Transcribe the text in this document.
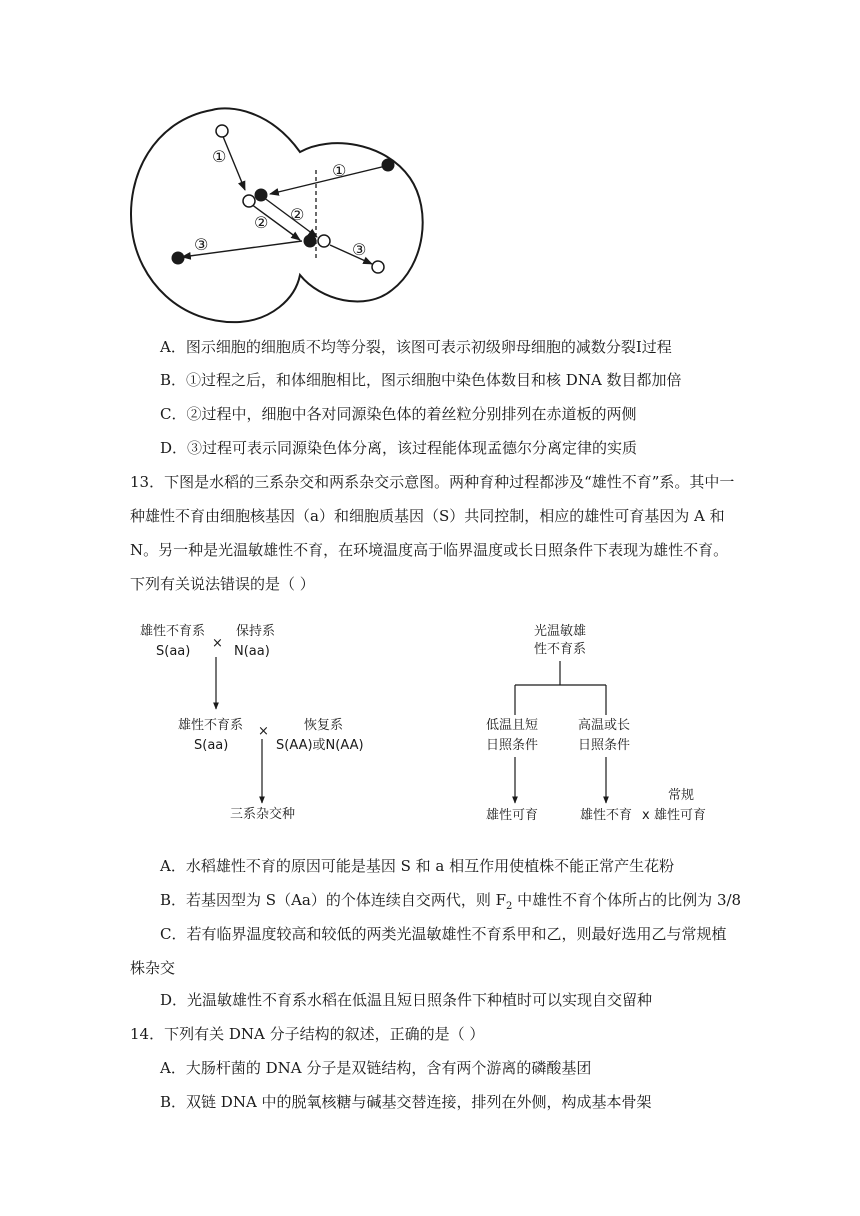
①
①
② ②
③	③
A．图示细胞的细胞质不均等分裂，该图可表示初级卵母细胞的减数分裂Ⅰ过程
B．①过程之后，和体细胞相比，图示细胞中染色体数目和核 DNA 数目都加倍
C．②过程中，细胞中各对同源染色体的着丝粒分别排列在赤道板的两侧
D．③过程可表示同源染色体分离，该过程能体现孟德尔分离定律的实质
13．下图是水稻的三系杂交和两系杂交示意图。两种育种过程都涉及“雄性不育”系。其中一
种雄性不育由细胞核基因（a）和细胞质基因（S）共同控制，相应的雄性可育基因为 A 和
N。另一种是光温敏雄性不育，在环境温度高于临界温度或长日照条件下表现为雄性不育。
下列有关说法错误的是（ ）
雄性不育系
S(aa)
×
保持系
N(aa)
雄性不育系
S(aa)
×	恢复系
S(AA)或N(AA)
三系杂交种
光温敏雄
性不育系
低温且短
日照条件
高温或长
日照条件
雄性可育	雄性不育 x
常规
雄性可育
A．水稻雄性不育的原因可能是基因 S 和 a 相互作用使植株不能正常产生花粉
B．若基因型为 S（Aa）的个体连续自交两代，则 $F_2$ 中雄性不育个体所占的比例为 3/8
C．若有临界温度较高和较低的两类光温敏雄性不育系甲和乙，则最好选用乙与常规植
株杂交
D．光温敏雄性不育系水稻在低温且短日照条件下种植时可以实现自交留种
14．下列有关 DNA 分子结构的叙述，正确的是（ ）
A．大肠杆菌的 DNA 分子是双链结构，含有两个游离的磷酸基团
B．双链 DNA 中的脱氧核糖与碱基交替连接，排列在外侧，构成基本骨架
